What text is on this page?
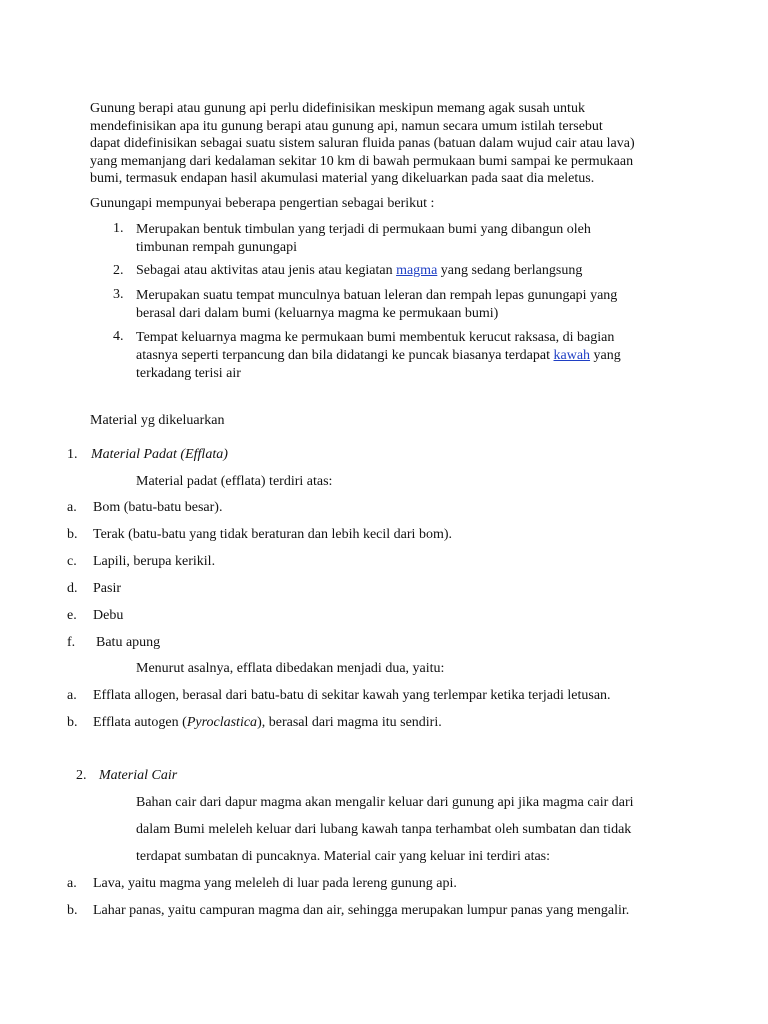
Gunung berapi atau gunung api perlu didefinisikan meskipun memang agak susah untuk
mendefinisikan apa itu gunung berapi atau gunung api, namun secara umum istilah tersebut
dapat didefinisikan sebagai suatu sistem saluran fluida panas (batuan dalam wujud cair atau lava)
yang memanjang dari kedalaman sekitar 10 km di bawah permukaan bumi sampai ke permukaan
bumi, termasuk endapan hasil akumulasi material yang dikeluarkan pada saat dia meletus.
Gunungapi mempunyai beberapa pengertian sebagai berikut :
1. Merupakan bentuk timbulan yang terjadi di permukaan bumi yang dibangun oleh
timbunan rempah gunungapi
2. Sebagai atau aktivitas atau jenis atau kegiatan magma yang sedang berlangsung
3. Merupakan suatu tempat munculnya batuan leleran dan rempah lepas gunungapi yang
berasal dari dalam bumi (keluarnya magma ke permukaan bumi)
4. Tempat keluarnya magma ke permukaan bumi membentuk kerucut raksasa, di bagian
atasnya seperti terpancung dan bila didatangi ke puncak biasanya terdapat kawah yang
terkadang terisi air
Material yg dikeluarkan
1. Material Padat (Efflata)
Material padat (efflata) terdiri atas:
a. Bom (batu-batu besar).
b. Terak (batu-batu yang tidak beraturan dan lebih kecil dari bom).
c. Lapili, berupa kerikil.
d. Pasir
e. Debu
f. Batu apung
Menurut asalnya, efflata dibedakan menjadi dua, yaitu:
a. Efflata allogen, berasal dari batu-batu di sekitar kawah yang terlempar ketika terjadi letusan.
b. Efflata autogen (Pyroclastica), berasal dari magma itu sendiri.
2. Material Cair
Bahan cair dari dapur magma akan mengalir keluar dari gunung api jika magma cair dari
dalam Bumi meleleh keluar dari lubang kawah tanpa terhambat oleh sumbatan dan tidak
terdapat sumbatan di puncaknya. Material cair yang keluar ini terdiri atas:
a. Lava, yaitu magma yang meleleh di luar pada lereng gunung api.
b. Lahar panas, yaitu campuran magma dan air, sehingga merupakan lumpur panas yang mengalir.
